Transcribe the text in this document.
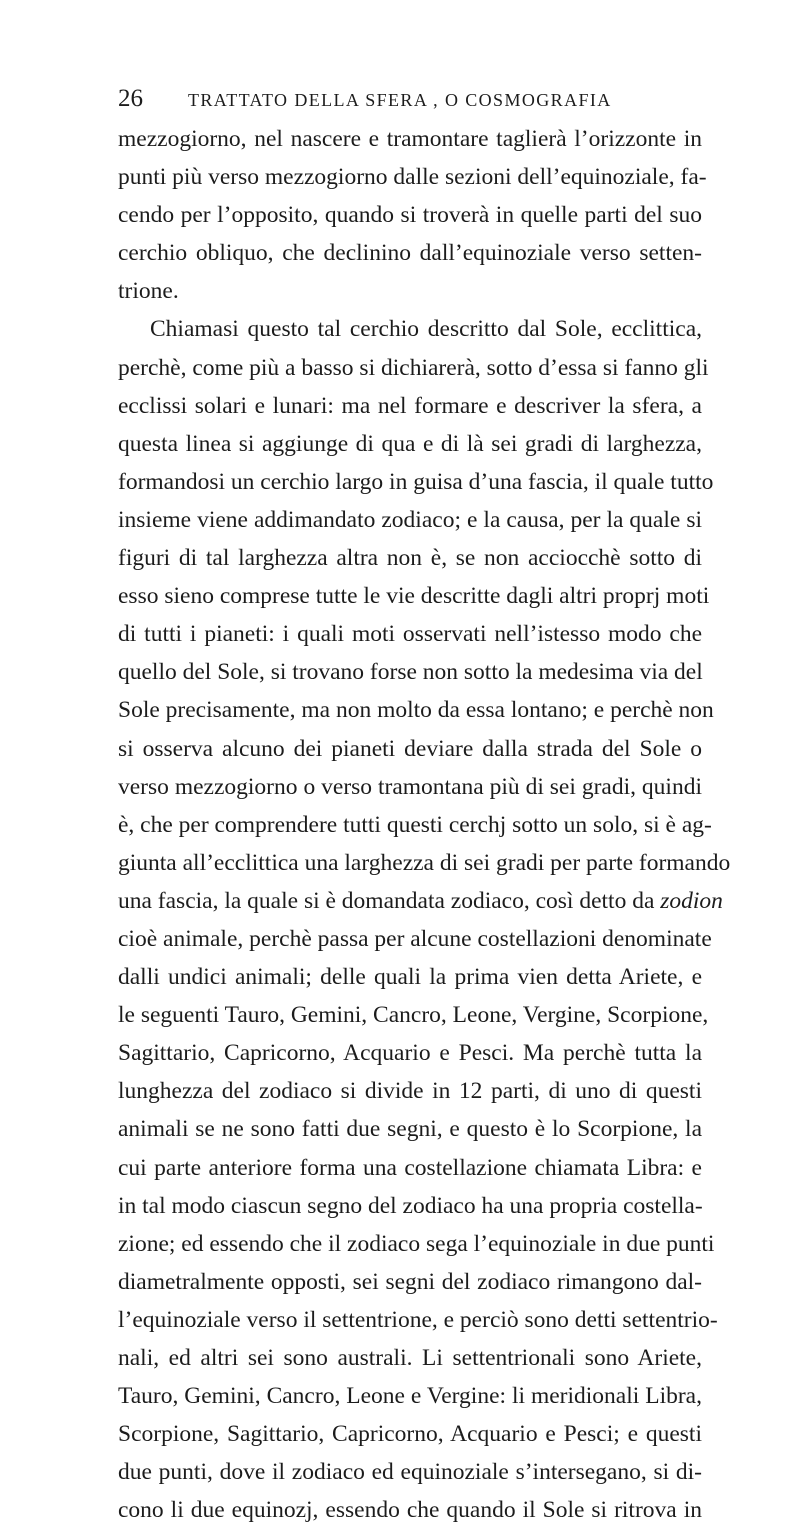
26	TRATTATO DELLA SFERA , O COSMOGRAFIA
mezzogiorno, nel nascere e tramontare taglierà l’orizzonte in
punti più verso mezzogiorno dalle sezioni dell’equinoziale, fa-
cendo per l’opposito, quando si troverà in quelle parti del suo
cerchio obliquo, che declinino dall’equinoziale verso setten-
trione.
Chiamasi questo tal cerchio descritto dal Sole, ecclittica,
perchè, come più a basso si dichiarerà, sotto d’essa si fanno gli
ecclissi solari e lunari: ma nel formare e descriver la sfera, a
questa linea si aggiunge di qua e di là sei gradi di larghezza,
formandosi un cerchio largo in guisa d’una fascia, il quale tutto
insieme viene addimandato zodiaco; e la causa, per la quale si
figuri di tal larghezza altra non è, se non acciocchè sotto di
esso sieno comprese tutte le vie descritte dagli altri proprj moti
di tutti i pianeti: i quali moti osservati nell’istesso modo che
quello del Sole, si trovano forse non sotto la medesima via del
Sole precisamente, ma non molto da essa lontano; e perchè non
si osserva alcuno dei pianeti deviare dalla strada del Sole o
verso mezzogiorno o verso tramontana più di sei gradi, quindi
è, che per comprendere tutti questi cerchj sotto un solo, si è ag-
giunta all’ecclittica una larghezza di sei gradi per parte formando
una fascia, la quale si è domandata zodiaco, così detto da zodion
cioè animale, perchè passa per alcune costellazioni denominate
dalli undici animali; delle quali la prima vien detta Ariete, e
le seguenti Tauro, Gemini, Cancro, Leone, Vergine, Scorpione,
Sagittario, Capricorno, Acquario e Pesci. Ma perchè tutta la
lunghezza del zodiaco si divide in 12 parti, di uno di questi
animali se ne sono fatti due segni, e questo è lo Scorpione, la
cui parte anteriore forma una costellazione chiamata Libra: e
in tal modo ciascun segno del zodiaco ha una propria costella-
zione; ed essendo che il zodiaco sega l’equinoziale in due punti
diametralmente opposti, sei segni del zodiaco rimangono dal-
l’equinoziale verso il settentrione, e perciò sono detti settentrio-
nali, ed altri sei sono australi. Li settentrionali sono Ariete,
Tauro, Gemini, Cancro, Leone e Vergine: li meridionali Libra,
Scorpione, Sagittario, Capricorno, Acquario e Pesci; e questi
due punti, dove il zodiaco ed equinoziale s’intersegano, si di-
cono li due equinozj, essendo che quando il Sole si ritrova in
